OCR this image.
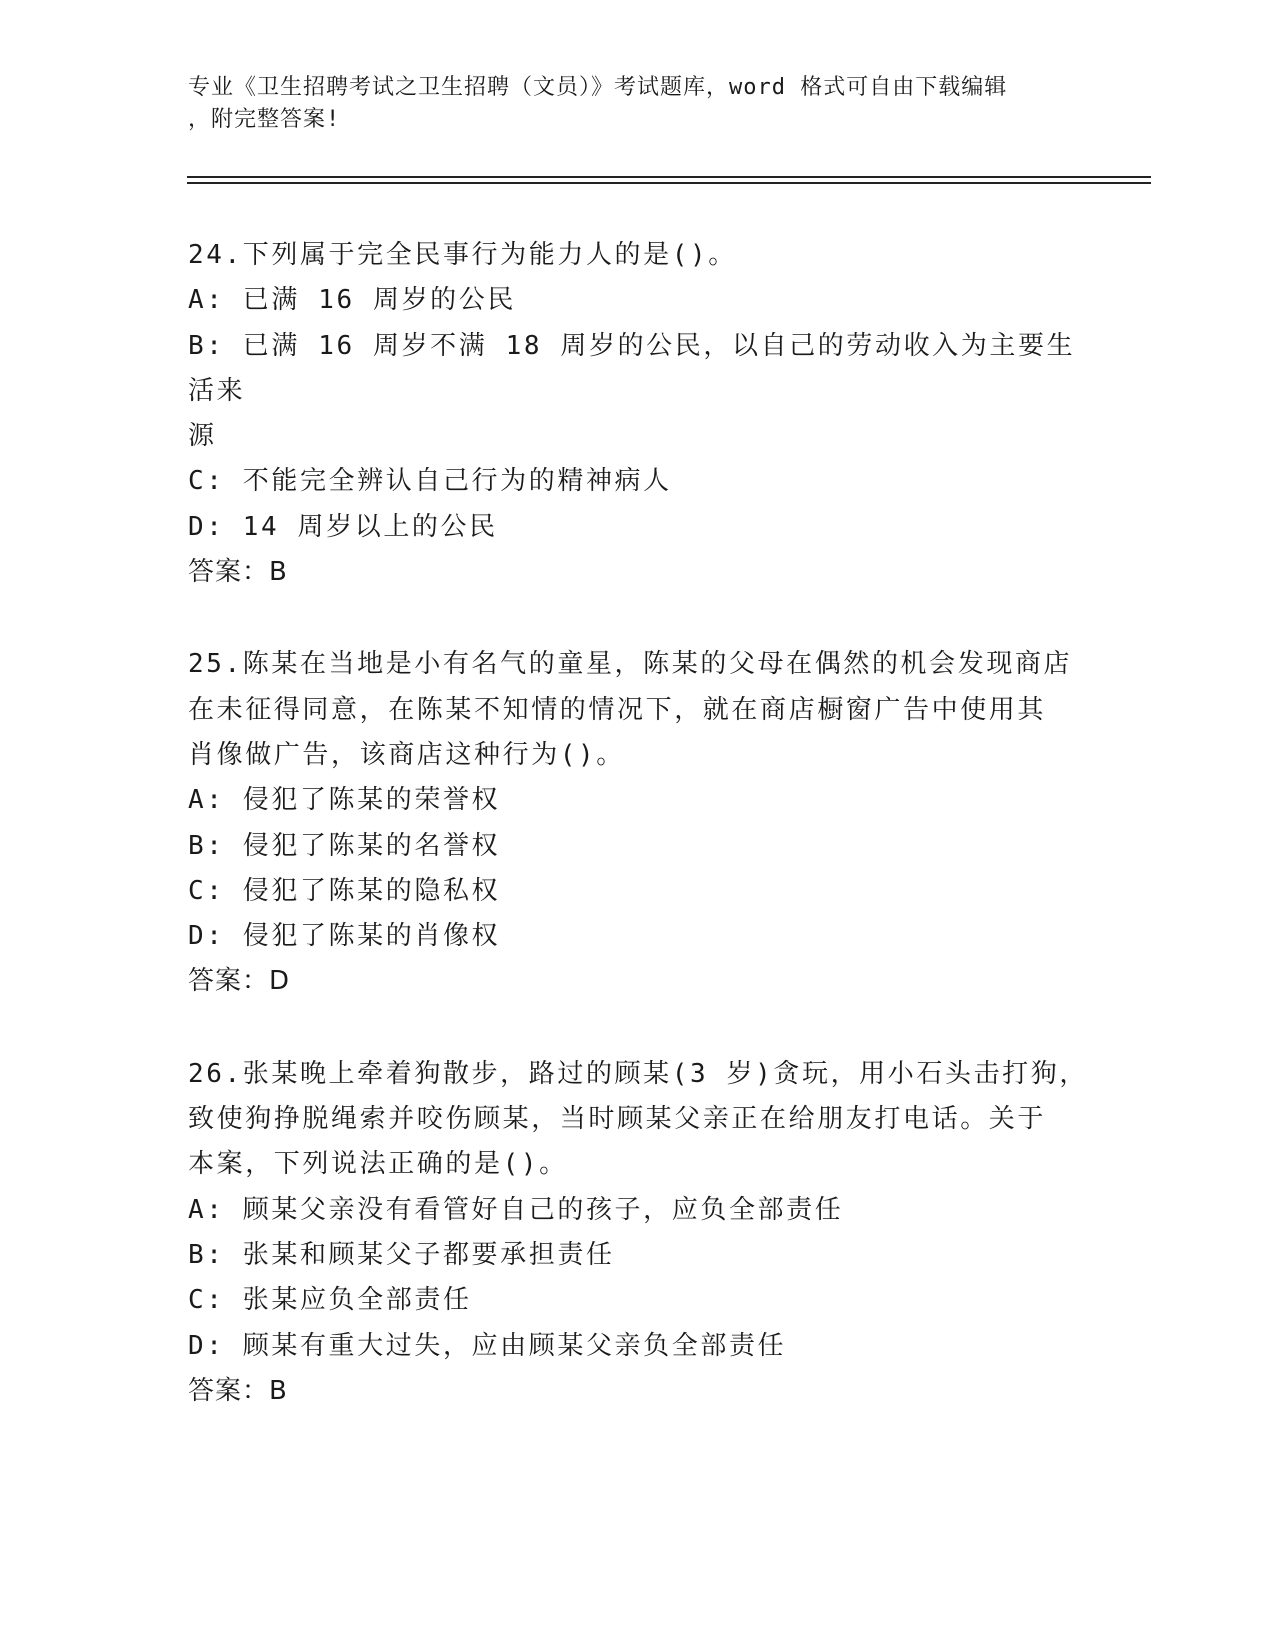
专业《卫生招聘考试之卫生招聘（文员）》考试题库，word 格式可自由下载编辑
，附完整答案!
24.下列属于完全民事行为能力人的是()。
A: 已满 16 周岁的公民
B: 已满 16 周岁不满 18 周岁的公民，以自己的劳动收入为主要生活来
源
C: 不能完全辨认自己行为的精神病人
D: 14 周岁以上的公民
答案：B
25.陈某在当地是小有名气的童星，陈某的父母在偶然的机会发现商店
在未征得同意，在陈某不知情的情况下，就在商店橱窗广告中使用其
肖像做广告，该商店这种行为()。
A: 侵犯了陈某的荣誉权
B: 侵犯了陈某的名誉权
C: 侵犯了陈某的隐私权
D: 侵犯了陈某的肖像权
答案：D
26.张某晚上牵着狗散步，路过的顾某(3 岁)贪玩，用小石头击打狗，
致使狗挣脱绳索并咬伤顾某，当时顾某父亲正在给朋友打电话。关于
本案，下列说法正确的是()。
A: 顾某父亲没有看管好自己的孩子，应负全部责任
B: 张某和顾某父子都要承担责任
C: 张某应负全部责任
D: 顾某有重大过失，应由顾某父亲负全部责任
答案：B
